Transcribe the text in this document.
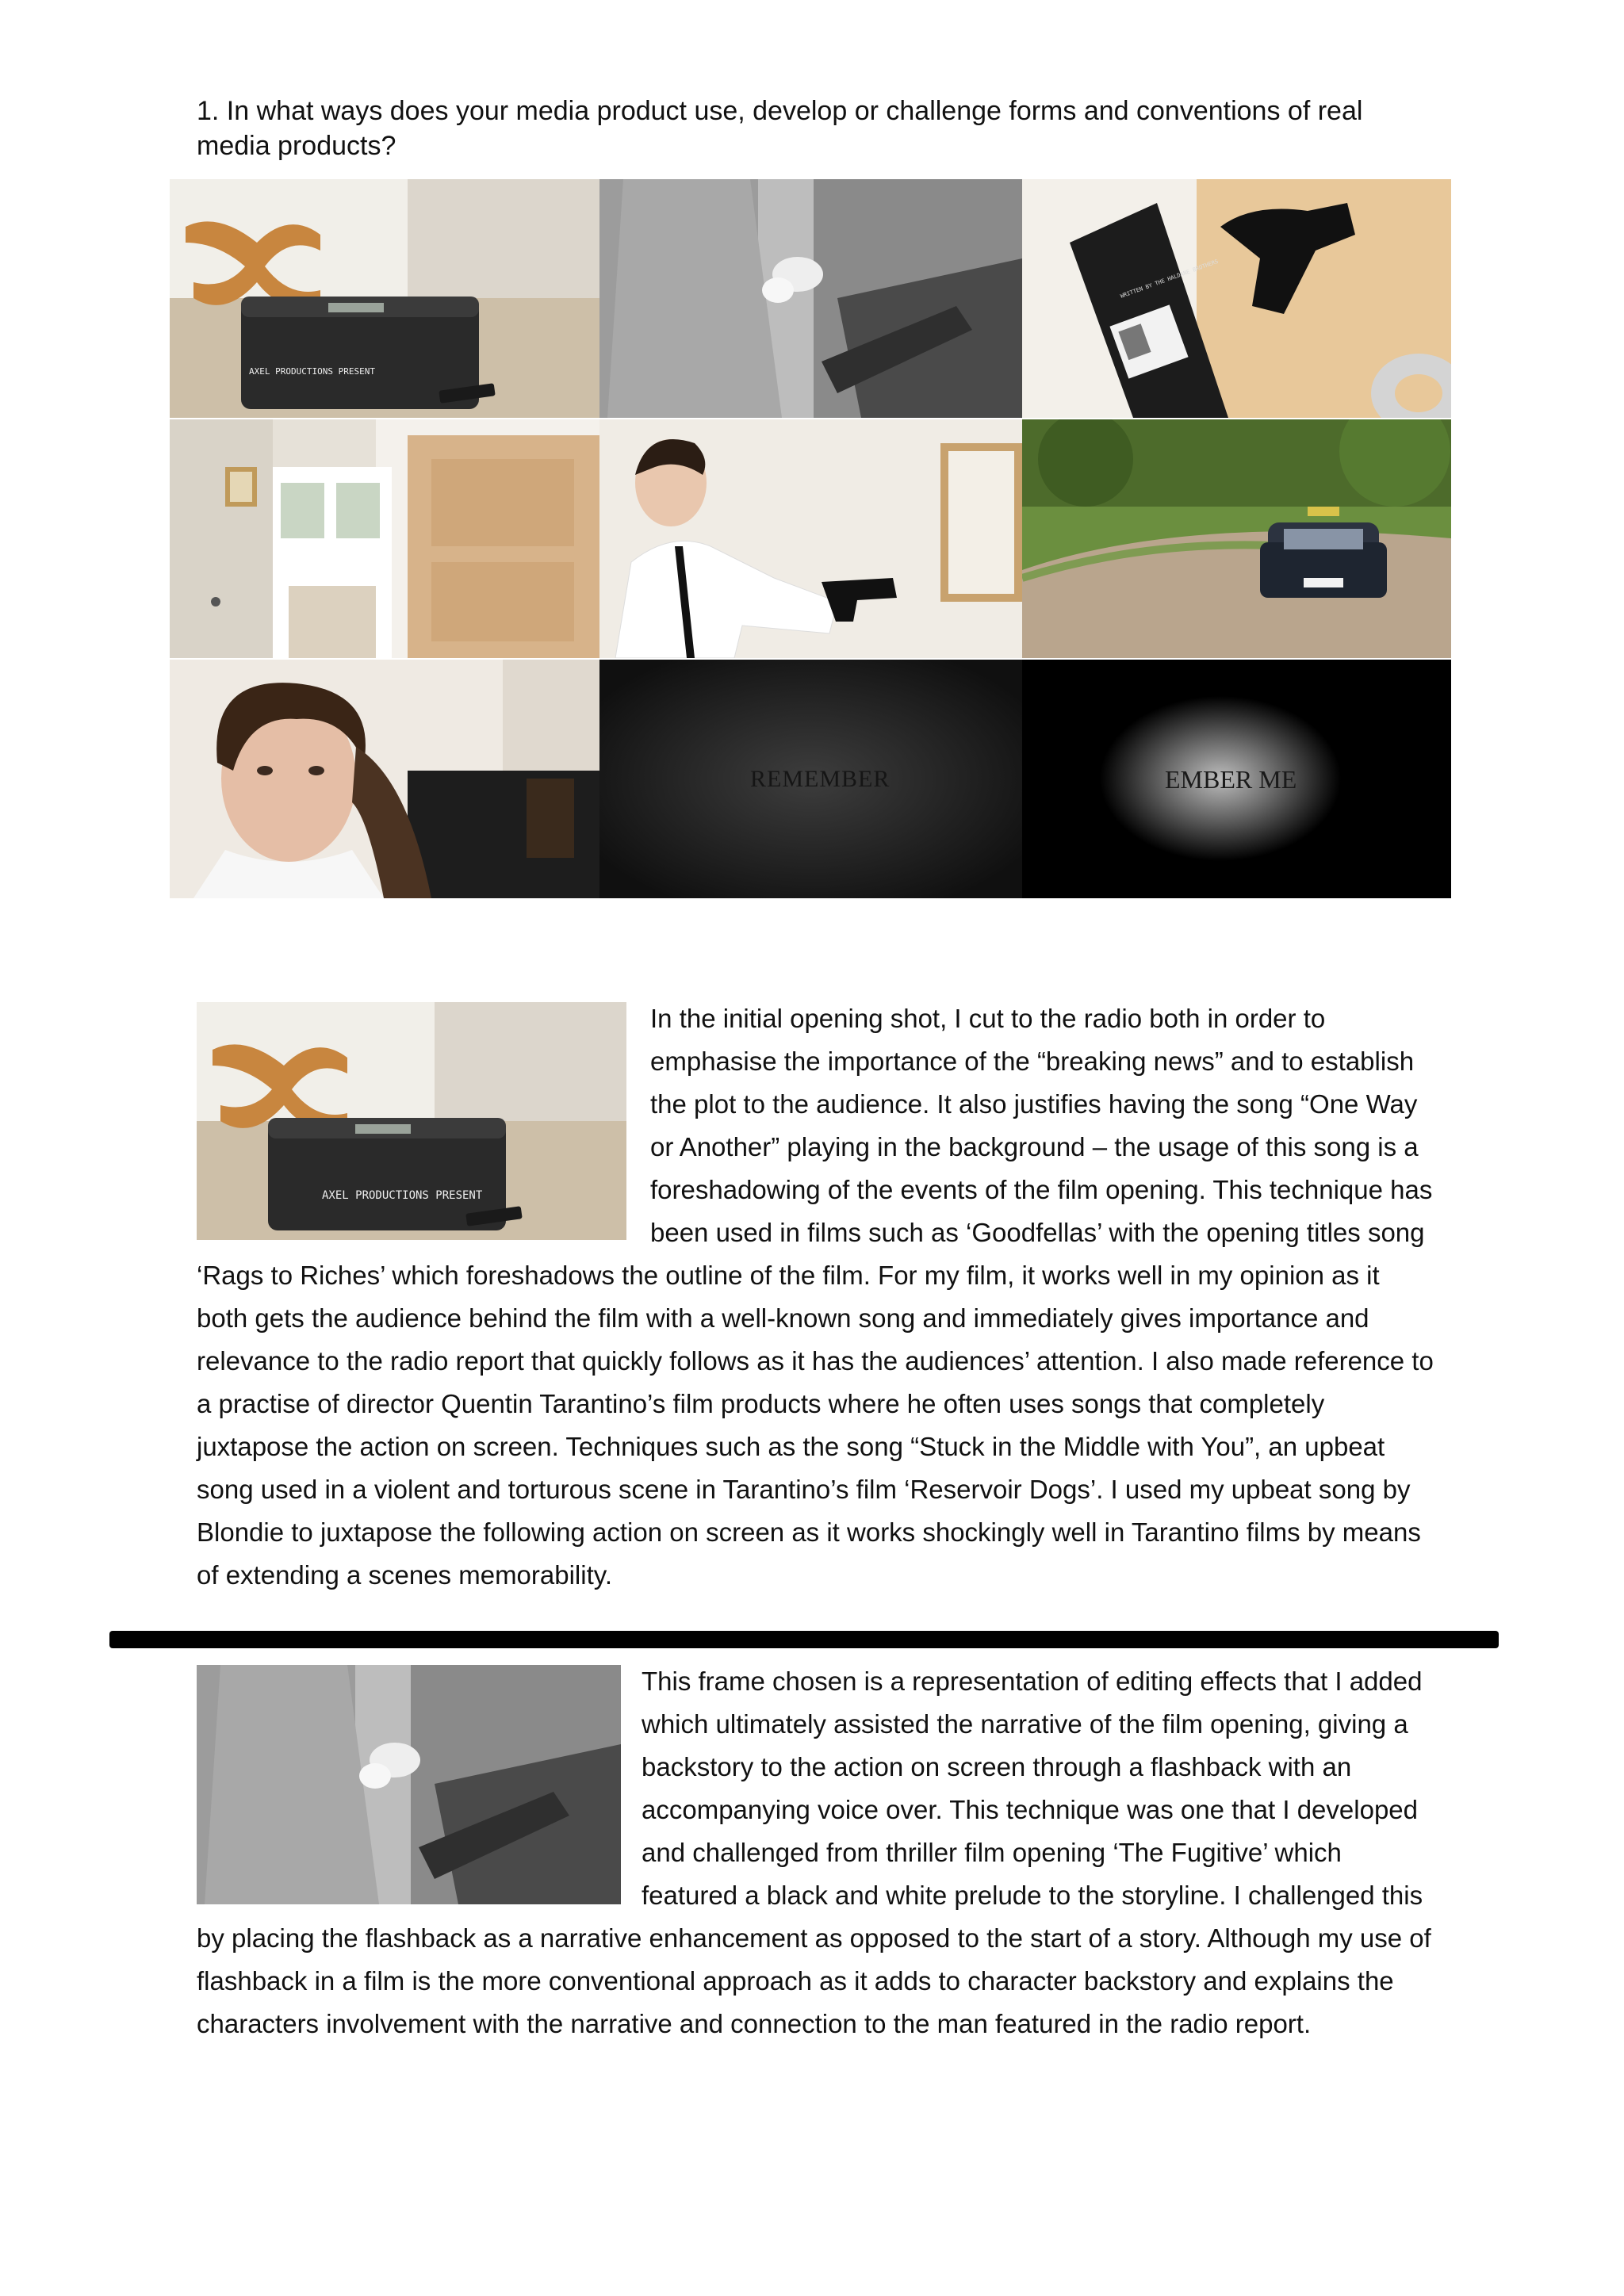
1. In what ways does your media product use, develop or challenge forms and conventions of real media products?

AXEL PRODUCTIONS PRESENT
WRITTEN BY THE HALDANE BROTHERS
REMEMBER	EMBER ME
AXEL PRODUCTIONS PRESENT
In the initial opening shot, I cut to the radio both in order to emphasise the importance of the “breaking news” and to establish the plot to the audience. It also justifies having the song “One Way or Another” playing in the background – the usage of this song is a foreshadowing of the events of the film opening. This technique has been used in films such as ‘Goodfellas’ with the opening titles song ‘Rags to Riches’ which foreshadows the outline of the film. For my film, it works well in my opinion as it both gets the audience behind the film with a well-known song and immediately gives importance and relevance to the radio report that quickly follows as it has the audiences’ attention. I also made reference to a practise of director Quentin Tarantino’s film products where he often uses songs that completely juxtapose the action on screen. Techniques such as the song “Stuck in the Middle with You”, an upbeat song used in a violent and torturous scene in Tarantino’s film ‘Reservoir Dogs’. I used my upbeat song by Blondie to juxtapose the following action on screen as it works shockingly well in Tarantino films by means of extending a scenes memorability.
This frame chosen is a representation of editing effects that I added which ultimately assisted the narrative of the film opening, giving a backstory to the action on screen through a flashback with an accompanying voice over. This technique was one that I developed and challenged from thriller film opening ‘The Fugitive’ which featured a black and white prelude to the storyline. I challenged this by placing the flashback as a narrative enhancement as opposed to the start of a story. Although my use of flashback in a film is the more conventional approach as it adds to character backstory and explains the characters involvement with the narrative and connection to the man featured in the radio report.
